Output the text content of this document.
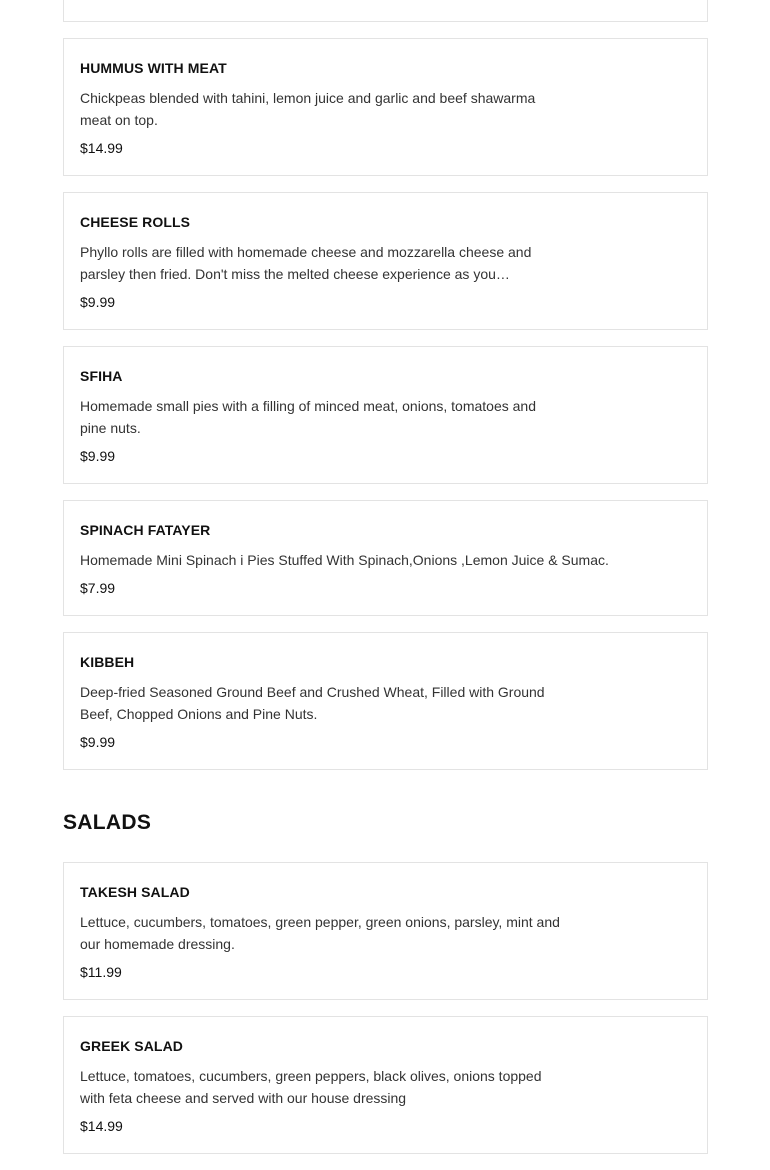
HUMMUS WITH MEAT

Chickpeas blended with tahini, lemon juice and garlic and beef shawarma meat on top.

$14.99

CHEESE ROLLS

Phyllo rolls are filled with homemade cheese and mozzarella cheese and parsley then fried. Don't miss the melted cheese experience as you…

$9.99

SFIHA

Homemade small pies with a filling of minced meat, onions, tomatoes and pine nuts.

$9.99

SPINACH FATAYER

Homemade Mini Spinach i Pies Stuffed With Spinach,Onions ,Lemon Juice & Sumac.

$7.99

KIBBEH

Deep-fried Seasoned Ground Beef and Crushed Wheat, Filled with Ground Beef, Chopped Onions and Pine Nuts.

$9.99

SALADS
TAKESH SALAD

Lettuce, cucumbers, tomatoes, green pepper, green onions, parsley, mint and our homemade dressing.

$11.99

GREEK SALAD

Lettuce, tomatoes, cucumbers, green peppers, black olives, onions topped with feta cheese and served with our house dressing

$14.99
